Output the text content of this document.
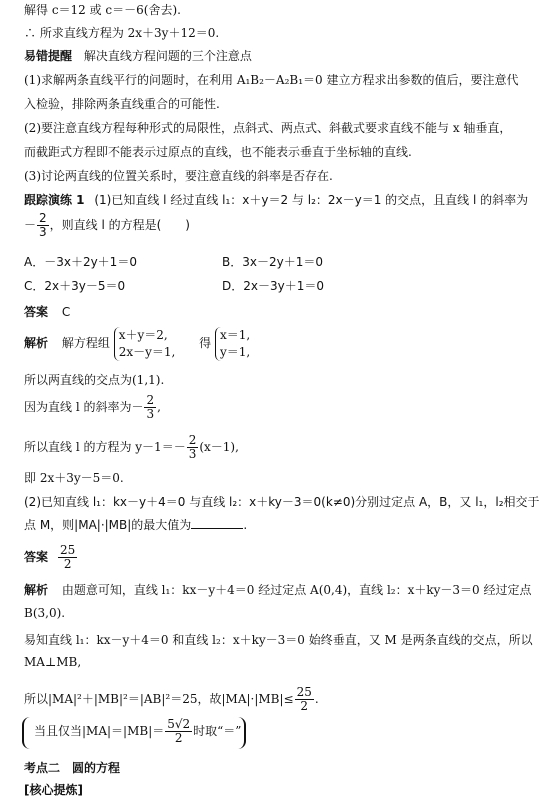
解得 c＝12 或 c＝－6(舍去).
∴ 所求直线方程为 2x＋3y＋12＝0.
易错提醒 解决直线方程问题的三个注意点
(1)求解两条直线平行的问题时，在利用 A₁B₂－A₂B₁＝0 建立方程求出参数的值后，要注意代
入检验，排除两条直线重合的可能性.
(2)要注意直线方程每种形式的局限性，点斜式、两点式、斜截式要求直线不能与 x 轴垂直，
而截距式方程即不能表示过原点的直线，也不能表示垂直于坐标轴的直线.
(3)讨论两直线的位置关系时，要注意直线的斜率是否存在.
跟踪演练 1 (1)已知直线 l 经过直线 l₁：x＋y＝2 与 l₂：2x－y＝1 的交点，且直线 l 的斜率为
－ $\frac{2}{3}$ ，则直线 l 的方程是(　　)
A．－3x＋2y＋1＝0	B．3x－2y＋1＝0
C．2x＋3y－5＝0	D．2x－3y＋1＝0
答案 C
解析 解方程组
x＋y＝2,
2x－y＝1,
得
x＝1,
y＝1,
所以两直线的交点为(1,1).
因为直线 l 的斜率为－ $\frac{2}{3}$ ,
所以直线 l 的方程为 $y-1=- \frac{2}{3} (x-1)$,
即 2x＋3y－5＝0.
(2)已知直线 l₁：kx－y＋4＝0 与直线 l₂：x＋ky－3＝0(k≠0)分别过定点 A，B，又 l₁，l₂相交于
点 M，则|MA|·|MB|的最大值为	.
答案 $\frac{25}{2}$
解析 由题意可知，直线 l₁：kx－y＋4＝0 经过定点 A(0,4)，直线 l₂：x＋ky－3＝0 经过定点
B(3,0).
易知直线 l₁：kx－y＋4＝0 和直线 l₂：x＋ky－3＝0 始终垂直，又 M 是两条直线的交点，所以
MA⊥MB,
所以|MA|²＋|MB|²＝|AB|²＝25，故$|MA|\cdot|MB|\le \frac{25}{2}$ .
当且仅当$|MA|=|MB|= \frac{5√2}{2}$ 时取“＝”
考点二　圆的方程
[核心提炼]
